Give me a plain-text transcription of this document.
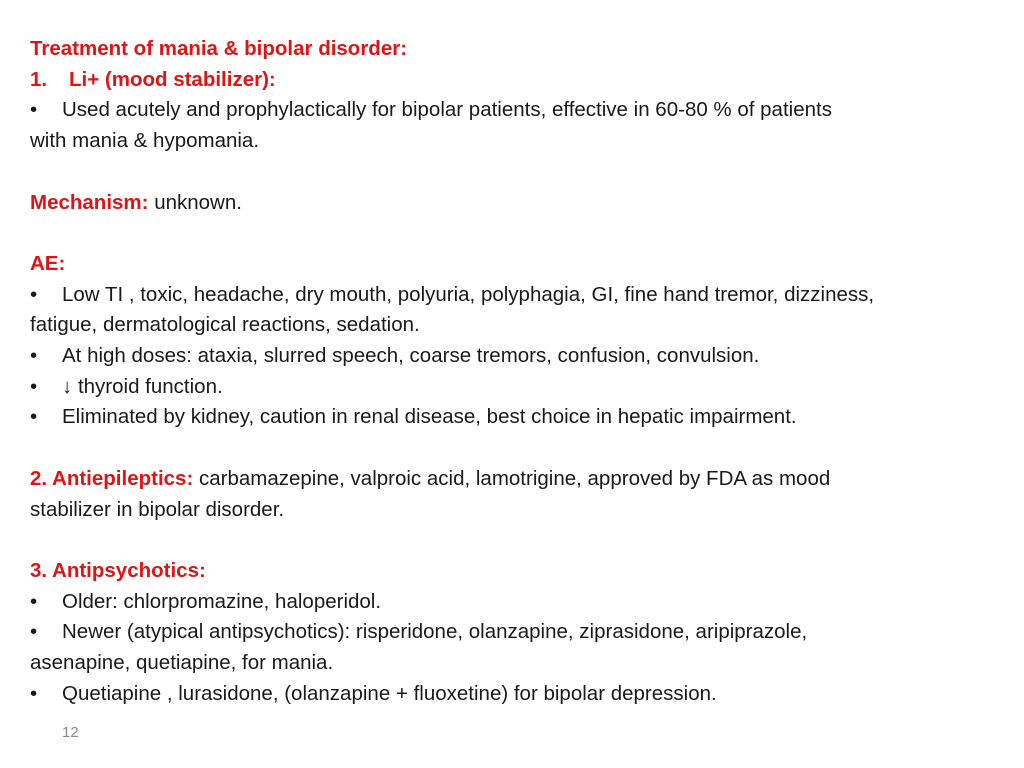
Treatment of mania & bipolar disorder:
1. Li+ (mood stabilizer):
• Used acutely and prophylactically for bipolar patients, effective in 60-80 % of patients
with mania & hypomania.
Mechanism: unknown.
AE:
• Low TI , toxic, headache, dry mouth, polyuria, polyphagia, GI, fine hand tremor, dizziness,
fatigue, dermatological reactions, sedation.
• At high doses: ataxia, slurred speech, coarse tremors, confusion, convulsion.
• ↓ thyroid function.
• Eliminated by kidney, caution in renal disease, best choice in hepatic impairment.
2. Antiepileptics: carbamazepine, valproic acid, lamotrigine, approved by FDA as mood
stabilizer in bipolar disorder.
3. Antipsychotics:
• Older: chlorpromazine, haloperidol.
• Newer (atypical antipsychotics): risperidone, olanzapine, ziprasidone, aripiprazole,
asenapine, quetiapine, for mania.
• Quetiapine , lurasidone, (olanzapine + fluoxetine) for bipolar depression.
12
